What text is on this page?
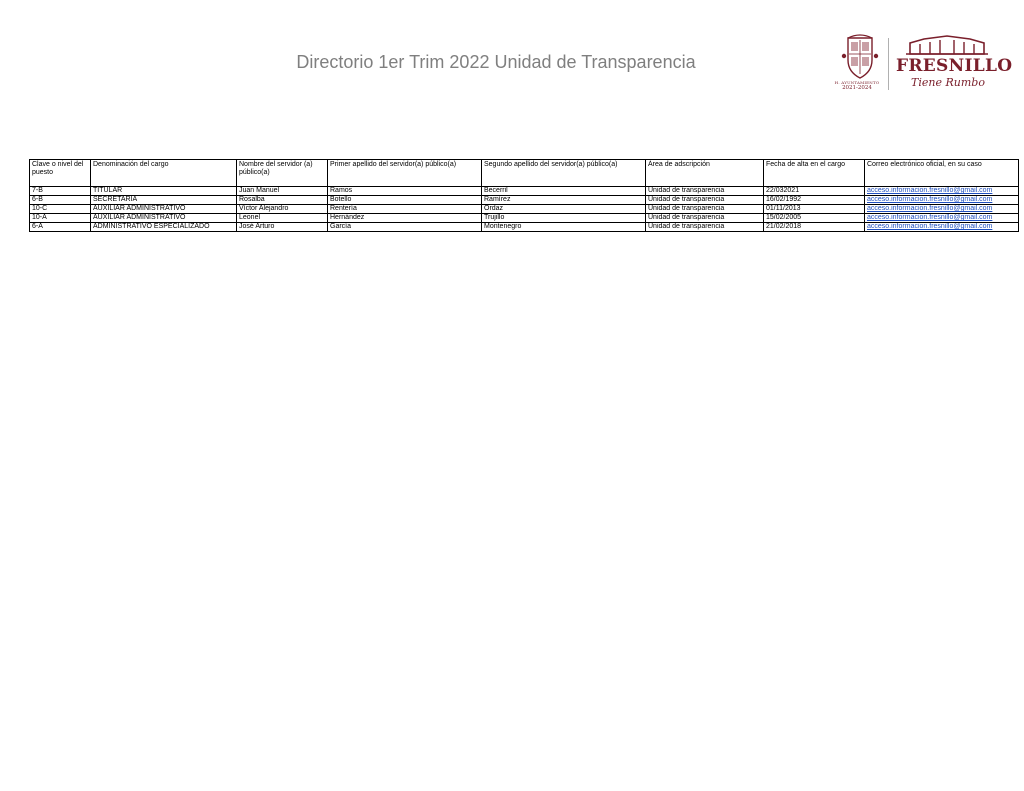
Directorio 1er Trim 2022 Unidad de Transparencia
H. AYUNTAMIENTO
2021-2024
FRESNILLO
Tiene Rumbo
Clave o nivel del puesto	Denominación del cargo	Nombre del servidor (a) público(a)	Primer apellido del servidor(a) público(a)	Segundo apellido del servidor(a) público(a)	Área de adscripción	Fecha de alta en el cargo	Correo electrónico oficial, en su caso
7-B	TITULAR	Juan Manuel	Ramos	Becerril	Unidad de transparencia	22/032021	acceso.informacion.fresnillo@gmail.com
6-B	SECRETARIA	Rosalba	Botello	Ramírez	Unidad de transparencia	16/02/1992	acceso.informacion.fresnillo@gmail.com
10-C	AUXILIAR ADMINISTRATIVO	Víctor Alejandro	Rentería	Ordaz	Unidad de transparencia	01/11/2013	acceso.informacion.fresnillo@gmail.com
10-A	AUXILIAR ADMINISTRATIVO	Leonel	Hernández	Trujillo	Unidad de transparencia	15/02/2005	acceso.informacion.fresnillo@gmail.com
6-A	ADMINISTRATIVO ESPECIALIZADO	José Arturo	García	Montenegro	Unidad de transparencia	21/02/2018	acceso.informacion.fresnillo@gmail.com
